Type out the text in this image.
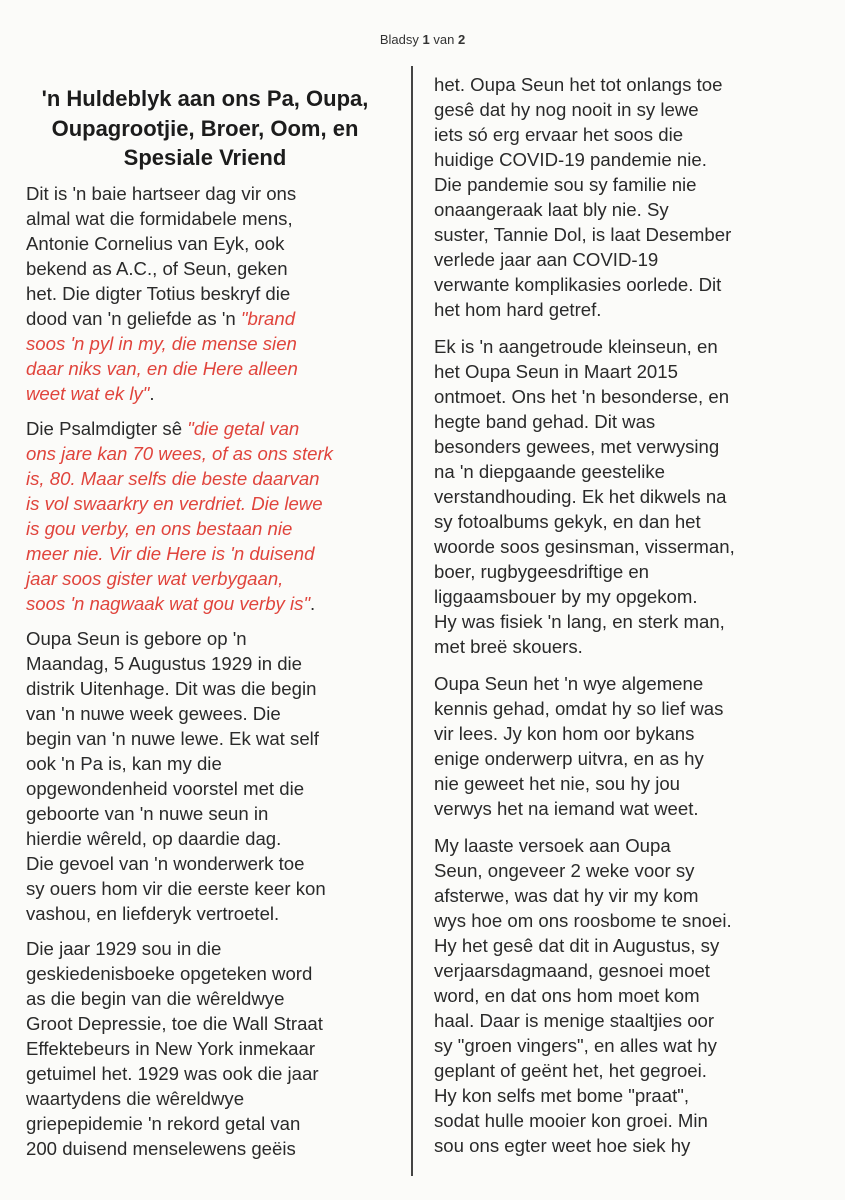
Bladsy 1 van 2
'n Huldeblyk aan ons Pa, Oupa,
Oupagrootjie, Broer, Oom, en
Spesiale Vriend

Dit is 'n baie hartseer dag vir ons
almal wat die formidabele mens,
Antonie Cornelius van Eyk, ook
bekend as A.C., of Seun, geken
het. Die digter Totius beskryf die
dood van 'n geliefde as 'n "brand
soos 'n pyl in my, die mense sien
daar niks van, en die Here alleen
weet wat ek ly".

Die Psalmdigter sê "die getal van
ons jare kan 70 wees, of as ons sterk
is, 80. Maar selfs die beste daarvan
is vol swaarkry en verdriet. Die lewe
is gou verby, en ons bestaan nie
meer nie. Vir die Here is 'n duisend
jaar soos gister wat verbygaan,
soos 'n nagwaak wat gou verby is".

Oupa Seun is gebore op 'n
Maandag, 5 Augustus 1929 in die
distrik Uitenhage. Dit was die begin
van 'n nuwe week gewees. Die
begin van 'n nuwe lewe. Ek wat self
ook 'n Pa is, kan my die
opgewondenheid voorstel met die
geboorte van 'n nuwe seun in
hierdie wêreld, op daardie dag.
Die gevoel van 'n wonderwerk toe
sy ouers hom vir die eerste keer kon
vashou, en liefderyk vertroetel.

Die jaar 1929 sou in die
geskiedenisboeke opgeteken word
as die begin van die wêreldwye
Groot Depressie, toe die Wall Straat
Effektebeurs in New York inmekaar
getuimel het. 1929 was ook die jaar
waartydens die wêreldwye
griepepidemie 'n rekord getal van
200 duisend menselewens geëis

het. Oupa Seun het tot onlangs toe
gesê dat hy nog nooit in sy lewe
iets só erg ervaar het soos die
huidige COVID-19 pandemie nie.
Die pandemie sou sy familie nie
onaangeraak laat bly nie. Sy
suster, Tannie Dol, is laat Desember
verlede jaar aan COVID-19
verwante komplikasies oorlede. Dit
het hom hard getref.

Ek is 'n aangetroude kleinseun, en
het Oupa Seun in Maart 2015
ontmoet. Ons het 'n besonderse, en
hegte band gehad. Dit was
besonders gewees, met verwysing
na 'n diepgaande geestelike
verstandhouding. Ek het dikwels na
sy fotoalbums gekyk, en dan het
woorde soos gesinsman, visserman,
boer, rugbygeesdriftige en
liggaamsbouer by my opgekom.
Hy was fisiek 'n lang, en sterk man,
met breë skouers.

Oupa Seun het 'n wye algemene
kennis gehad, omdat hy so lief was
vir lees. Jy kon hom oor bykans
enige onderwerp uitvra, en as hy
nie geweet het nie, sou hy jou
verwys het na iemand wat weet.

My laaste versoek aan Oupa
Seun, ongeveer 2 weke voor sy
afsterwe, was dat hy vir my kom
wys hoe om ons roosbome te snoei.
Hy het gesê dat dit in Augustus, sy
verjaarsdagmaand, gesnoei moet
word, en dat ons hom moet kom
haal. Daar is menige staaltjies oor
sy "groen vingers", en alles wat hy
geplant of geënt het, het gegroei.
Hy kon selfs met bome "praat",
sodat hulle mooier kon groei. Min
sou ons egter weet hoe siek hy
